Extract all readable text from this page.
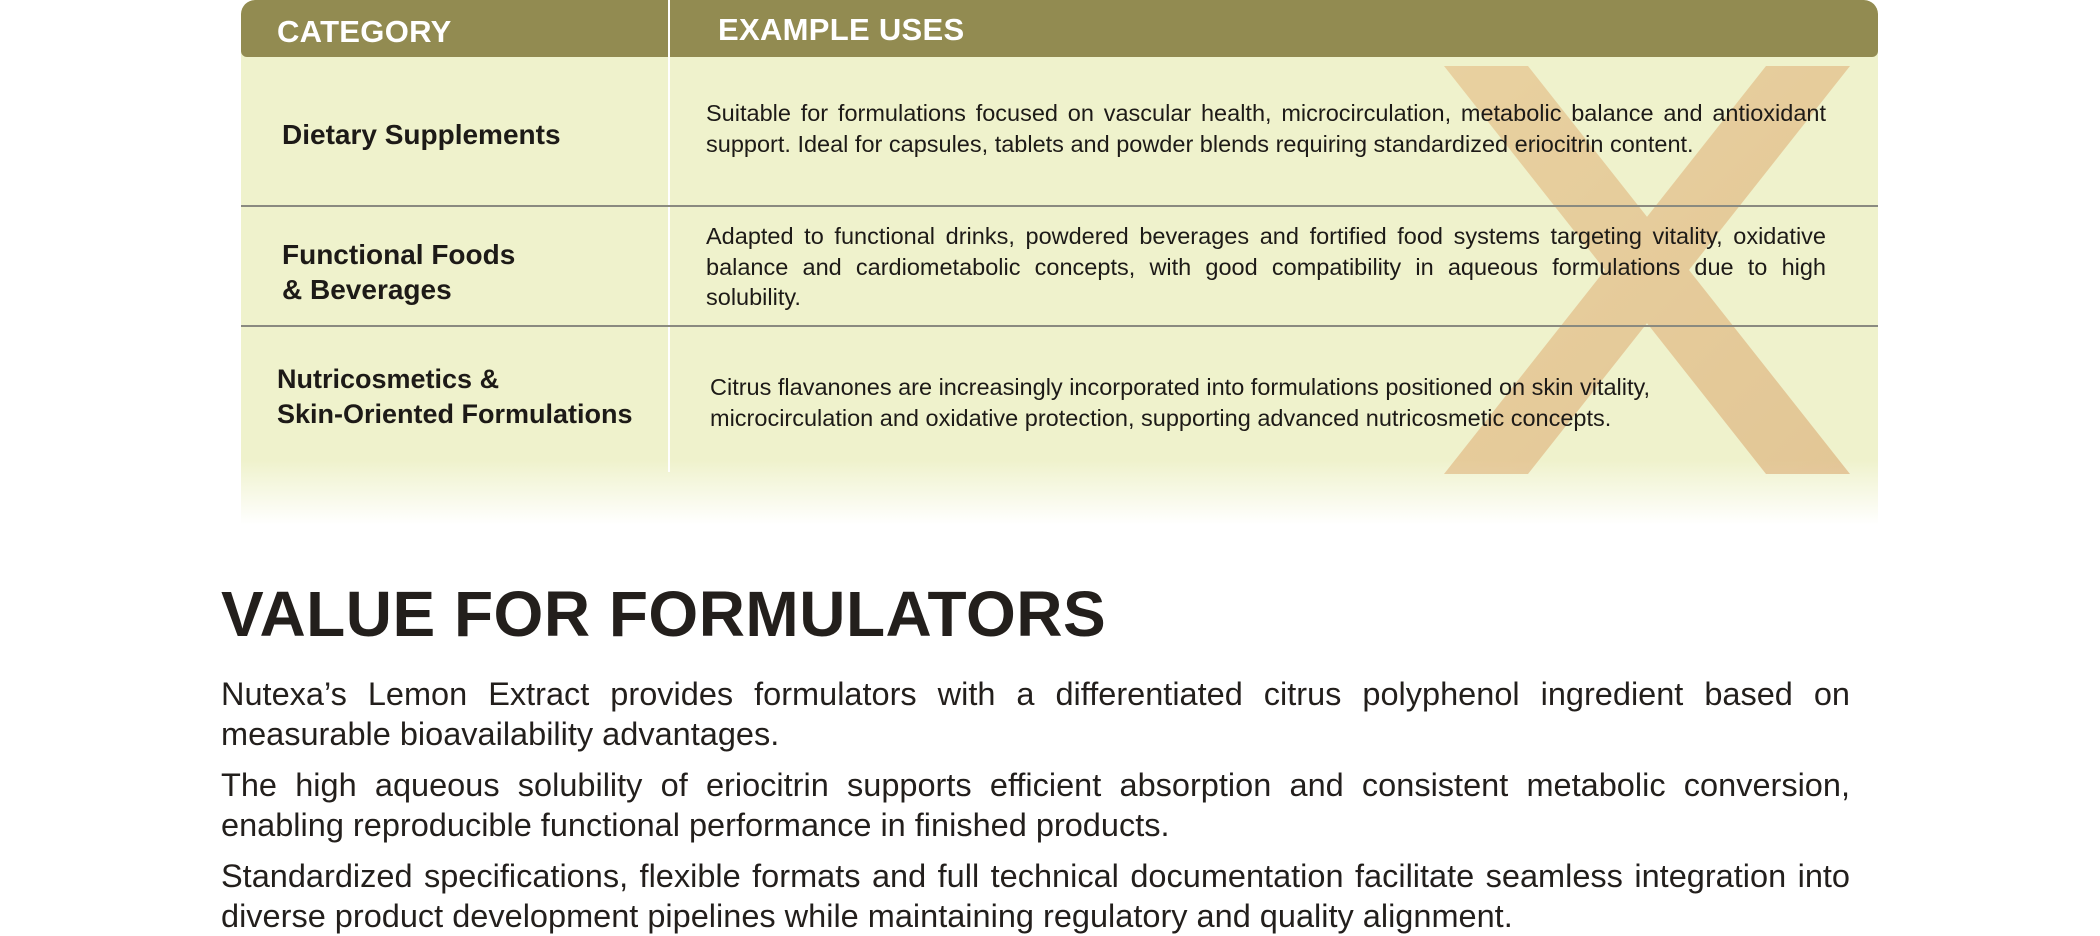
CATEGORY	EXAMPLE USES
Dietary Supplements
Suitable for formulations focused on vascular health, microcirculation, metabolic balance and antioxidant support. Ideal for capsules, tablets and powder blends requiring standardized eriocitrin content.
Functional Foods
& Beverages
Adapted to functional drinks, powdered beverages and fortified food systems targeting vitality, oxidative balance and cardiometabolic concepts, with good compatibility in aqueous formulations due to high solubility.
Nutricosmetics &
Skin-Oriented Formulations
Citrus flavanones are increasingly incorporated into formulations positioned on skin vitality, microcirculation and oxidative protection, supporting advanced nutricosmetic concepts.
VALUE FOR FORMULATORS

Nutexa’s Lemon Extract provides formulators with a differentiated citrus polyphenol ingredient based on measurable bioavailability advantages.

The high aqueous solubility of eriocitrin supports efficient absorption and consistent metabolic conversion, enabling reproducible functional performance in finished products.

Standardized specifications, flexible formats and full technical documentation facilitate seamless integration into diverse product development pipelines while maintaining regulatory and quality alignment.
